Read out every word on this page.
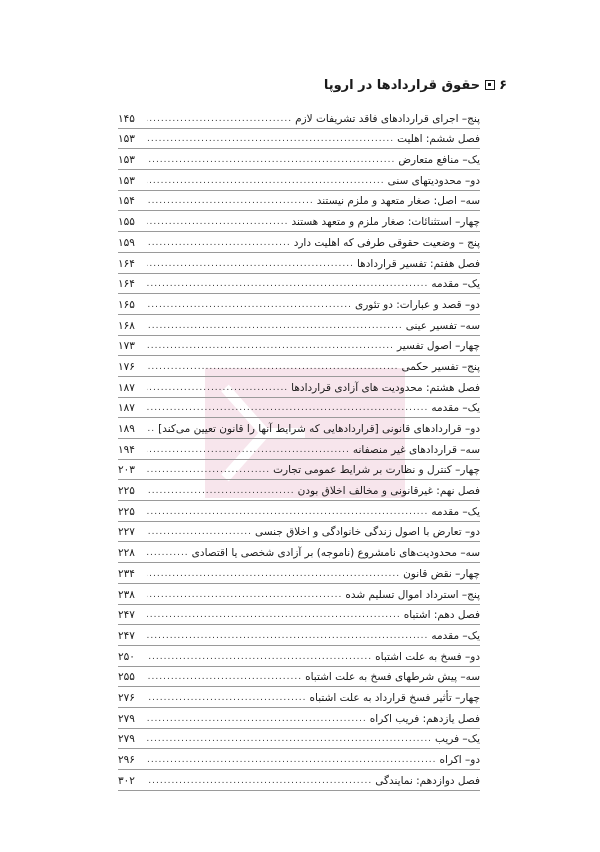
۶
حقوق قراردادها در اروپا
پنج– اجرای قراردادهای فاقد تشریفات لازم
.....
۱۴۵
فصل ششم: اهلیت
.....
۱۵۳
یک– منافع متعارض
.....
۱۵۳
دو– محدودیتهای سنی
.....
۱۵۳
سه– اصل: صغار متعهد و ملزم نیستند
.....
۱۵۴
چهار– استثنائات: صغار ملزم و متعهد هستند
.....
۱۵۵
پنج – وضعیت حقوقی طرفی که اهلیت دارد
.....
۱۵۹
فصل هفتم: تفسیر قراردادها
.....
۱۶۴
یک– مقدمه
.....
۱۶۴
دو– قصد و عبارات: دو تئوری
.....
۱۶۵
سه– تفسیر عینی
.....
۱۶۸
چهار– اصول تفسیر
.....
۱۷۳
پنج– تفسیر حکمی
.....
۱۷۶
فصل هشتم: محدودیت های آزادی قراردادها
.....
۱۸۷
یک– مقدمه
.....
۱۸۷
دو– قراردادهای قانونی [قراردادهایی که شرایط آنها را قانون تعیین می‌کند]
.....
۱۸۹
سه– قراردادهای غیر منصفانه
.....
۱۹۴
چهار– کنترل و نظارت بر شرایط عمومی تجارت
.....
۲۰۳
فصل نهم: غیرقانونی و مخالف اخلاق بودن
.....
۲۲۵
یک– مقدمه
.....
۲۲۵
دو– تعارض با اصول زندگی خانوادگی و اخلاق جنسی
.....
۲۲۷
سه– محدودیت‌های نامشروع (ناموجه) بر آزادی شخصی یا اقتصادی
.....
۲۲۸
چهار– نقض قانون
.....
۲۳۴
پنج– استرداد اموال تسلیم شده
.....
۲۳۸
فصل دهم: اشتباه
.....
۲۴۷
یک– مقدمه
.....
۲۴۷
دو– فسخ به علت اشتباه
.....
۲۵۰
سه– پیش شرطهای فسخ به علت اشتباه
.....
۲۵۵
چهار– تأثیر فسخ قرارداد به علت اشتباه
.....
۲۷۶
فصل یازدهم: فریب اکراه
.....
۲۷۹
یک– فریب
.....
۲۷۹
دو– اکراه
.....
۲۹۶
فصل دوازدهم: نمایندگی
.....
۳۰۲
